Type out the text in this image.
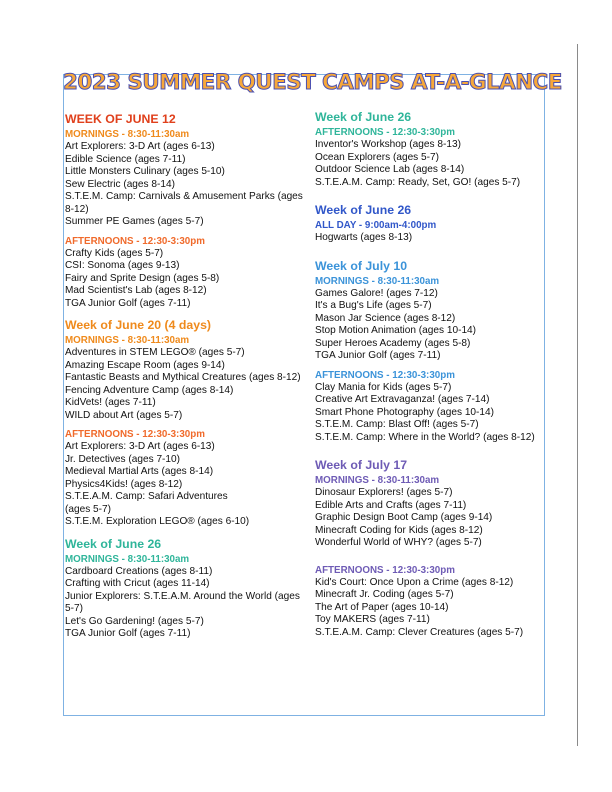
2023 SUMMER QUEST CAMPS AT-A-GLANCE
WEEK OF JUNE 12
MORNINGS - 8:30-11:30am
Art Explorers: 3-D Art (ages 6-13)
Edible Science (ages 7-11)
Little Monsters Culinary (ages 5-10)
Sew Electric (ages 8-14)
S.T.E.M. Camp: Carnivals & Amusement Parks (ages 8-12)
Summer PE Games (ages 5-7)
AFTERNOONS - 12:30-3:30pm
Crafty Kids (ages 5-7)
CSI: Sonoma (ages 9-13)
Fairy and Sprite Design (ages 5-8)
Mad Scientist's Lab (ages 8-12)
TGA Junior Golf (ages 7-11)
Week of June 20 (4 days)
MORNINGS - 8:30-11:30am
Adventures in STEM LEGO® (ages 5-7)
Amazing Escape Room (ages 9-14)
Fantastic Beasts and Mythical Creatures (ages 8-12)
Fencing Adventure Camp (ages 8-14)
KidVets! (ages 7-11)
WILD about Art (ages 5-7)
AFTERNOONS - 12:30-3:30pm
Art Explorers: 3-D Art (ages 6-13)
Jr. Detectives (ages 7-10)
Medieval Martial Arts (ages 8-14)
Physics4Kids! (ages 8-12)
S.T.E.A.M. Camp: Safari Adventures
(ages 5-7)
S.T.E.M. Exploration LEGO® (ages 6-10)
Week of June 26
MORNINGS - 8:30-11:30am
Cardboard Creations (ages 8-11)
Crafting with Cricut (ages 11-14)
Junior Explorers: S.T.E.A.M. Around the World (ages 5-7)
Let's Go Gardening! (ages 5-7)
TGA Junior Golf (ages 7-11)
Week of June 26
AFTERNOONS - 12:30-3:30pm
Inventor's Workshop (ages 8-13)
Ocean Explorers (ages 5-7)
Outdoor Science Lab (ages 8-14)
S.T.E.A.M. Camp: Ready, Set, GO! (ages 5-7)
Week of June 26
ALL DAY - 9:00am-4:00pm
Hogwarts (ages 8-13)
Week of July 10
MORNINGS - 8:30-11:30am
Games Galore! (ages 7-12)
It's a Bug's Life (ages 5-7)
Mason Jar Science (ages 8-12)
Stop Motion Animation (ages 10-14)
Super Heroes Academy (ages 5-8)
TGA Junior Golf (ages 7-11)
AFTERNOONS - 12:30-3:30pm
Clay Mania for Kids (ages 5-7)
Creative Art Extravaganza! (ages 7-14)
Smart Phone Photography (ages 10-14)
S.T.E.M. Camp: Blast Off! (ages 5-7)
S.T.E.M. Camp: Where in the World? (ages 8-12)
Week of July 17
MORNINGS - 8:30-11:30am
Dinosaur Explorers! (ages 5-7)
Edible Arts and Crafts (ages 7-11)
Graphic Design Boot Camp (ages 9-14)
Minecraft Coding for Kids (ages 8-12)
Wonderful World of WHY? (ages 5-7)
AFTERNOONS - 12:30-3:30pm
Kid's Court: Once Upon a Crime (ages 8-12)
Minecraft Jr. Coding (ages 5-7)
The Art of Paper (ages 10-14)
Toy MAKERS (ages 7-11)
S.T.E.A.M. Camp: Clever Creatures (ages 5-7)
